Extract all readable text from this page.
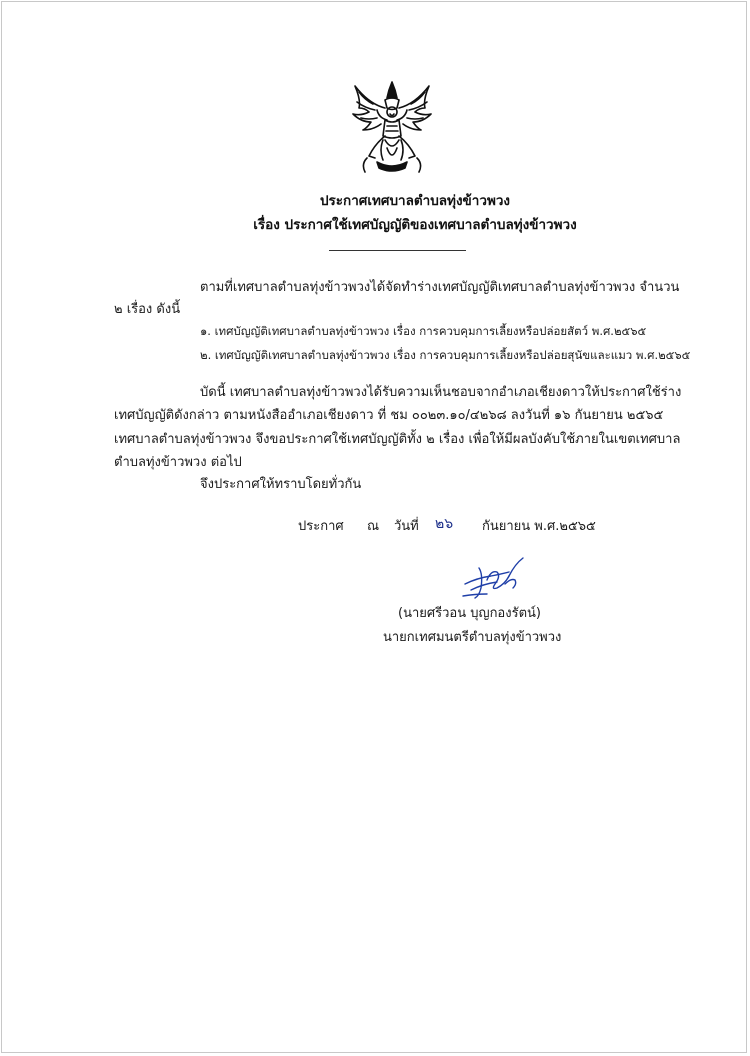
ประกาศเทศบาลตำบลทุ่งข้าวพวง
เรื่อง ประกาศใช้เทศบัญญัติของเทศบาลตำบลทุ่งข้าวพวง
ตามที่เทศบาลตำบลทุ่งข้าวพวงได้จัดทำร่างเทศบัญญัติเทศบาลตำบลทุ่งข้าวพวง จำนวน
๒ เรื่อง ดังนี้
๑. เทศบัญญัติเทศบาลตำบลทุ่งข้าวพวง เรื่อง การควบคุมการเลี้ยงหรือปล่อยสัตว์ พ.ศ.๒๕๖๕
๒. เทศบัญญัติเทศบาลตำบลทุ่งข้าวพวง เรื่อง การควบคุมการเลี้ยงหรือปล่อยสุนัขและแมว พ.ศ.๒๕๖๕
บัดนี้ เทศบาลตำบลทุ่งข้าวพวงได้รับความเห็นชอบจากอำเภอเชียงดาวให้ประกาศใช้ร่าง
เทศบัญญัติดังกล่าว ตามหนังสืออำเภอเชียงดาว ที่ ชม ๐๐๒๓.๑๐/๔๒๖๘ ลงวันที่ ๑๖ กันยายน ๒๕๖๕
เทศบาลตำบลทุ่งข้าวพวง จึงขอประกาศใช้เทศบัญญัติทั้ง ๒ เรื่อง เพื่อให้มีผลบังคับใช้ภายในเขตเทศบาล
ตำบลทุ่งข้าวพวง ต่อไป
จึงประกาศให้ทราบโดยทั่วกัน
ประกาศ ณ วันที่ ๒๖ กันยายน พ.ศ.๒๕๖๕
(นายศรีวอน บุญกองรัตน์)
นายกเทศมนตรีตำบลทุ่งข้าวพวง
